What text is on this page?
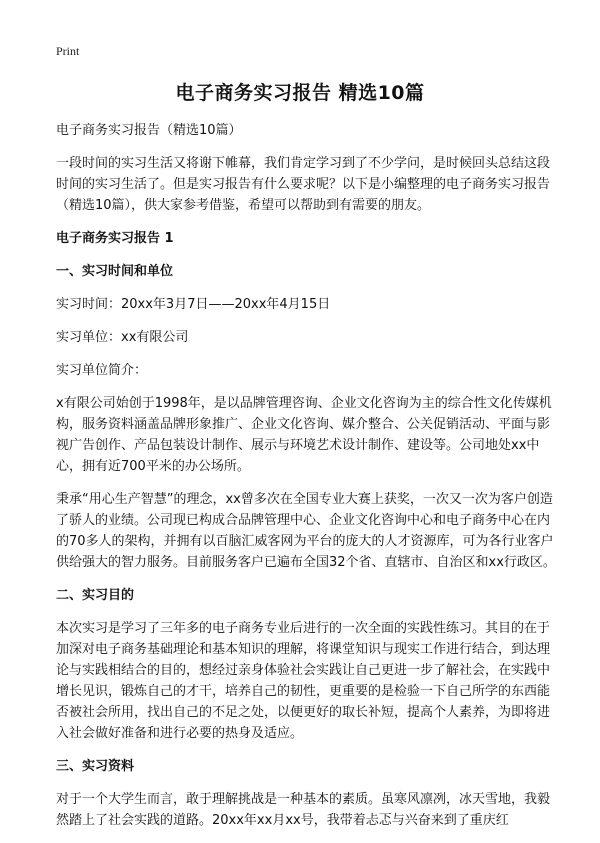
Print
电子商务实习报告 精选10篇

电子商务实习报告（精选10篇）

一段时间的实习生活又将谢下帷幕，我们肯定学习到了不少学问，是时候回头总结这段时间的实习生活了。但是实习报告有什么要求呢？以下是小编整理的电子商务实习报告（精选10篇），供大家参考借鉴，希望可以帮助到有需要的朋友。

电子商务实习报告 1
一、实习时间和单位

实习时间：20xx年3月7日——20xx年4月15日

实习单位：xx有限公司

实习单位简介：

x有限公司始创于1998年，是以品牌管理咨询、企业文化咨询为主的综合性文化传媒机构，服务资料涵盖品牌形象推广、企业文化咨询、媒介整合、公关促销活动、平面与影视广告创作、产品包装设计制作、展示与环境艺术设计制作、建设等。公司地处xx中心，拥有近700平米的办公场所。

秉承“用心生产智慧”的理念，xx曾多次在全国专业大赛上获奖，一次又一次为客户创造了骄人的业绩。公司现已构成合品牌管理中心、企业文化咨询中心和电子商务中心在内的70多人的架构，并拥有以百脑汇威客网为平台的庞大的人才资源库，可为各行业客户供给强大的智力服务。目前服务客户已遍布全国32个省、直辖市、自治区和xx行政区。

二、实习目的

本次实习是学习了三年多的电子商务专业后进行的一次全面的实践性练习。其目的在于加深对电子商务基础理论和基本知识的理解，将课堂知识与现实工作进行结合，到达理论与实践相结合的目的，想经过亲身体验社会实践让自己更进一步了解社会，在实践中增长见识，锻炼自己的才干，培养自己的韧性，更重要的是检验一下自己所学的东西能否被社会所用，找出自己的不足之处，以便更好的取长补短，提高个人素养，为即将进入社会做好准备和进行必要的热身及适应。

三、实习资料

对于一个大学生而言，敢于理解挑战是一种基本的素质。虽寒风凛冽，冰天雪地，我毅然踏上了社会实践的道路。20xx年xx月xx号，我带着忐忑与兴奋来到了重庆红
